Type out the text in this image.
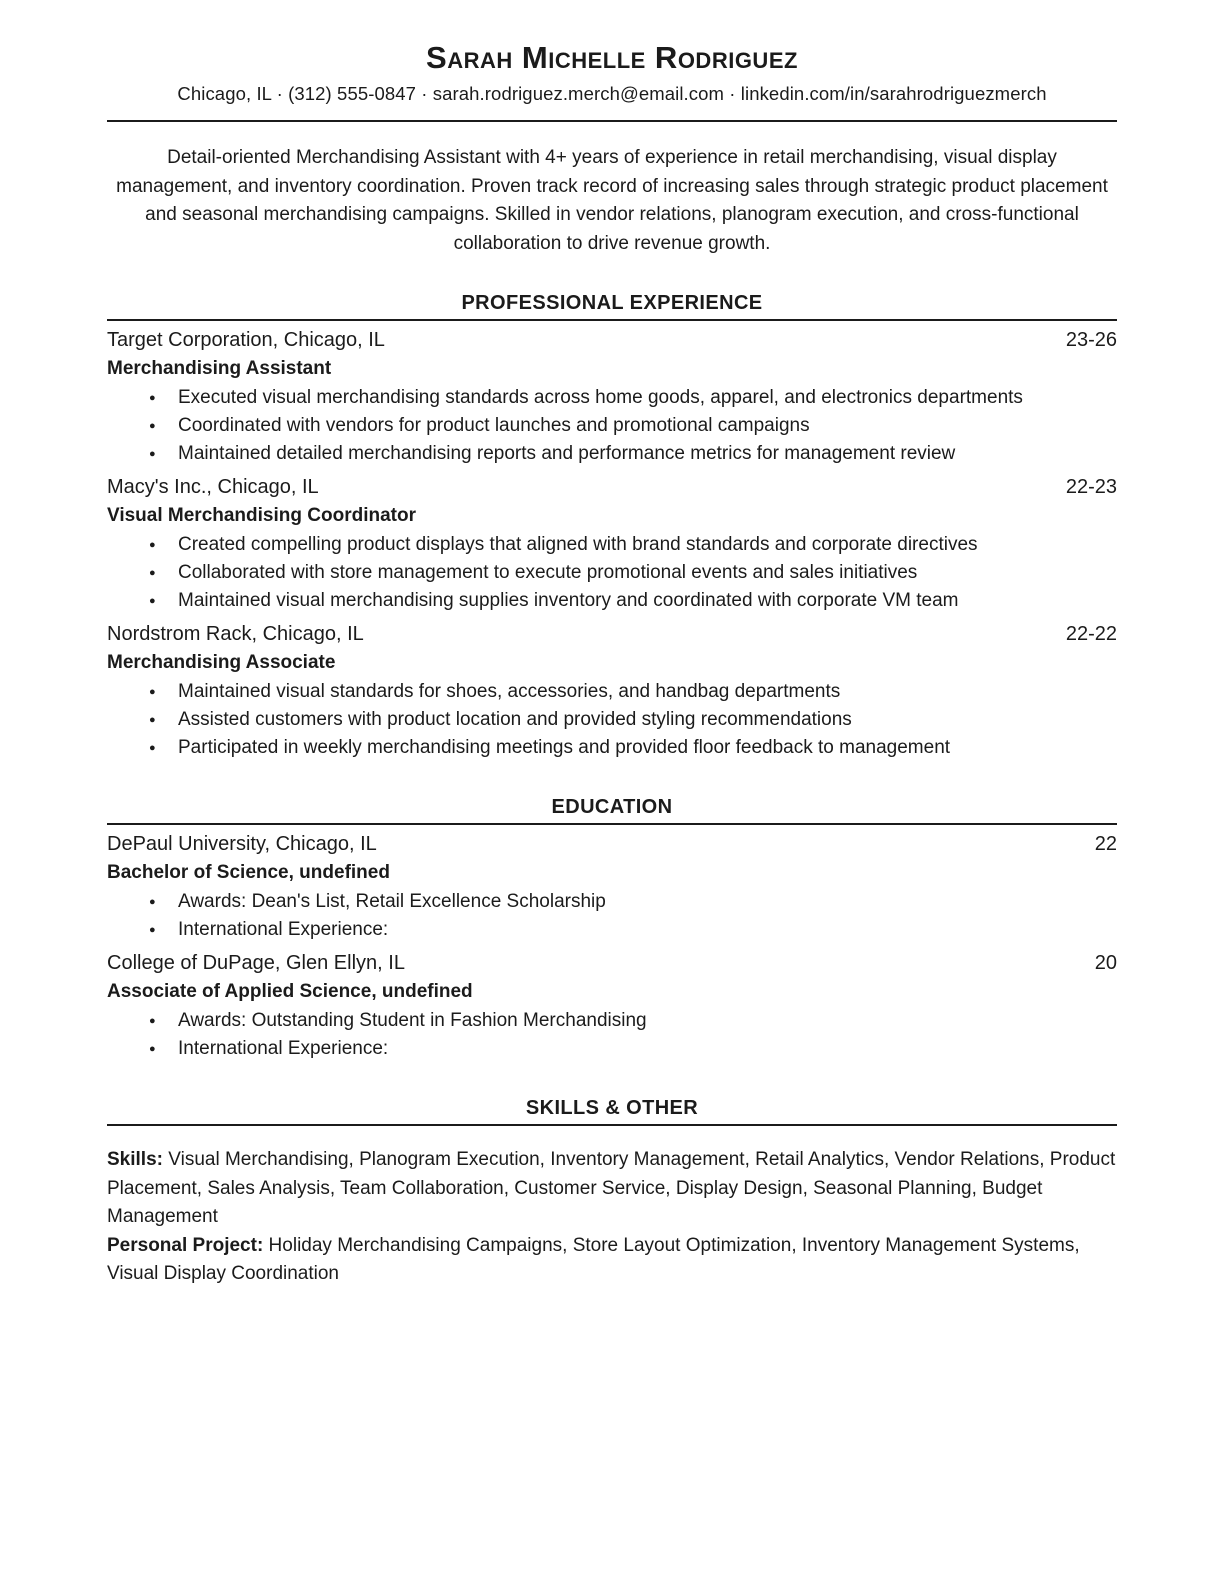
Sarah Michelle Rodriguez
Chicago, IL · (312) 555-0847 · sarah.rodriguez.merch@email.com · linkedin.com/in/sarahrodriguezmerch
Detail-oriented Merchandising Assistant with 4+ years of experience in retail merchandising, visual display management, and inventory coordination. Proven track record of increasing sales through strategic product placement and seasonal merchandising campaigns. Skilled in vendor relations, planogram execution, and cross-functional collaboration to drive revenue growth.
PROFESSIONAL EXPERIENCE
Target Corporation, Chicago, IL	23-26
Merchandising Assistant
● Executed visual merchandising standards across home goods, apparel, and electronics departments
● Coordinated with vendors for product launches and promotional campaigns
● Maintained detailed merchandising reports and performance metrics for management review
Macy's Inc., Chicago, IL	22-23
Visual Merchandising Coordinator
● Created compelling product displays that aligned with brand standards and corporate directives
● Collaborated with store management to execute promotional events and sales initiatives
● Maintained visual merchandising supplies inventory and coordinated with corporate VM team
Nordstrom Rack, Chicago, IL	22-22
Merchandising Associate
● Maintained visual standards for shoes, accessories, and handbag departments
● Assisted customers with product location and provided styling recommendations
● Participated in weekly merchandising meetings and provided floor feedback to management
EDUCATION
DePaul University, Chicago, IL	22
Bachelor of Science, undefined
● Awards: Dean's List, Retail Excellence Scholarship
● International Experience:
College of DuPage, Glen Ellyn, IL	20
Associate of Applied Science, undefined
● Awards: Outstanding Student in Fashion Merchandising
● International Experience:
SKILLS & OTHER
Skills: Visual Merchandising, Planogram Execution, Inventory Management, Retail Analytics, Vendor Relations, Product Placement, Sales Analysis, Team Collaboration, Customer Service, Display Design, Seasonal Planning, Budget Management
Personal Project: Holiday Merchandising Campaigns, Store Layout Optimization, Inventory Management Systems, Visual Display Coordination
